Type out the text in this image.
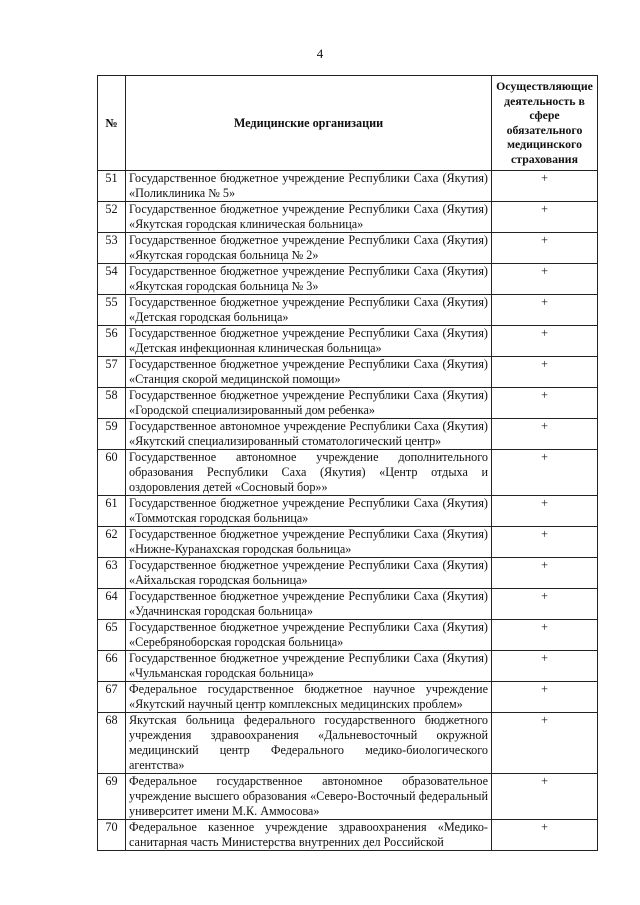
4
№	Медицинские организации	Осуществляющие деятельность в сфере обязательного медицинского страхования
51	Государственное бюджетное учреждение Республики Саха (Якутия) «Поликлиника № 5»	+
52	Государственное бюджетное учреждение Республики Саха (Якутия) «Якутская городская клиническая больница»	+
53	Государственное бюджетное учреждение Республики Саха (Якутия) «Якутская городская больница № 2»	+
54	Государственное бюджетное учреждение Республики Саха (Якутия) «Якутская городская больница № 3»	+
55	Государственное бюджетное учреждение Республики Саха (Якутия) «Детская городская больница»	+
56	Государственное бюджетное учреждение Республики Саха (Якутия) «Детская инфекционная клиническая больница»	+
57	Государственное бюджетное учреждение Республики Саха (Якутия) «Станция скорой медицинской помощи»	+
58	Государственное бюджетное учреждение Республики Саха (Якутия) «Городской специализированный дом ребенка»	+
59	Государственное автономное учреждение Республики Саха (Якутия) «Якутский специализированный стоматологический центр»	+
60	Государственное автономное учреждение дополнительного образования Республики Саха (Якутия) «Центр отдыха и оздоровления детей «Сосновый бор»»	+
61	Государственное бюджетное учреждение Республики Саха (Якутия) «Томмотская городская больница»	+
62	Государственное бюджетное учреждение Республики Саха (Якутия) «Нижне-Куранахская городская больница»	+
63	Государственное бюджетное учреждение Республики Саха (Якутия) «Айхальская городская больница»	+
64	Государственное бюджетное учреждение Республики Саха (Якутия) «Удачнинская городская больница»	+
65	Государственное бюджетное учреждение Республики Саха (Якутия) «Серебряноборская городская больница»	+
66	Государственное бюджетное учреждение Республики Саха (Якутия) «Чульманская городская больница»	+
67	Федеральное государственное бюджетное научное учреждение «Якутский научный центр комплексных медицинских проблем»	+
68	Якутская больница федерального государственного бюджетного учреждения здравоохранения «Дальневосточный окружной медицинский центр Федерального медико-биологического агентства»	+
69	Федеральное государственное автономное образовательное учреждение высшего образования «Северо-Восточный федеральный университет имени М.К. Аммосова»	+
70	Федеральное казенное учреждение здравоохранения «Медико-санитарная часть Министерства внутренних дел Российской	+
